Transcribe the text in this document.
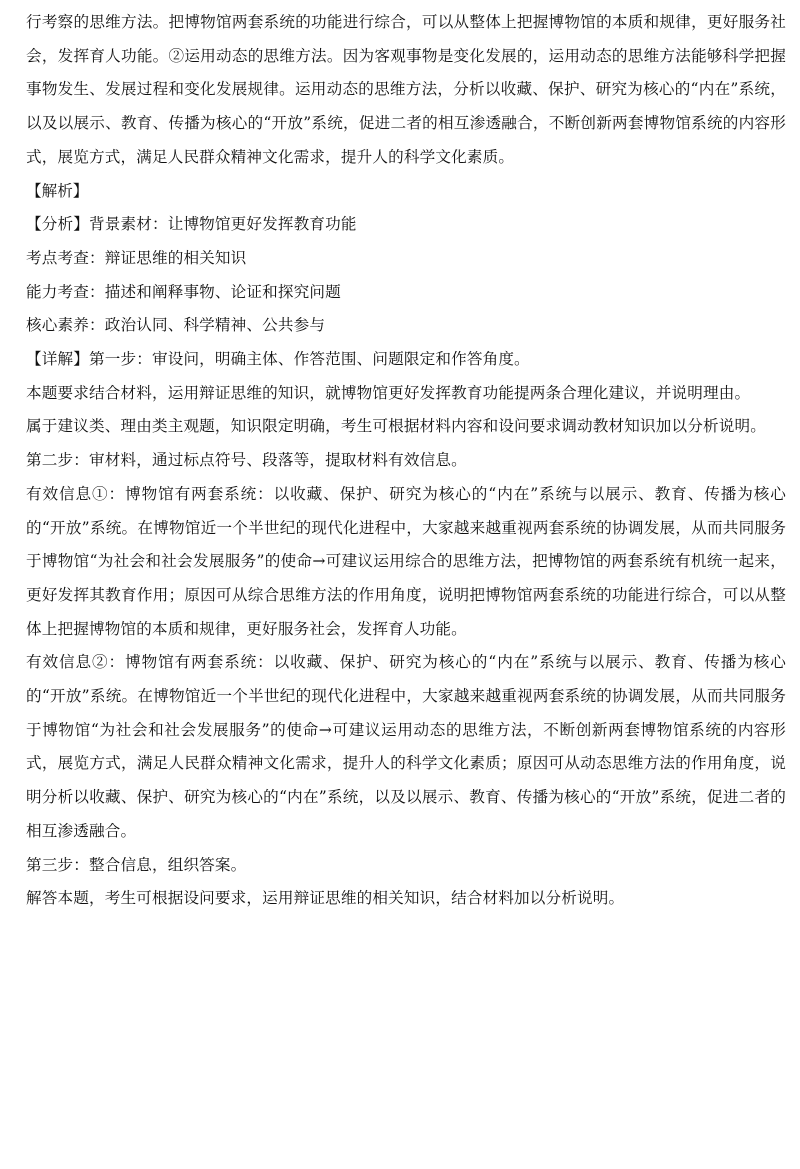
行考察的思维方法。把博物馆两套系统的功能进行综合，可以从整体上把握博物馆的本质和规律，更好服务社会，发挥育人功能。②运用动态的思维方法。因为客观事物是变化发展的，运用动态的思维方法能够科学把握事物发生、发展过程和变化发展规律。运用动态的思维方法，分析以收藏、保护、研究为核心的“内在”系统，以及以展示、教育、传播为核心的“开放”系统，促进二者的相互渗透融合，不断创新两套博物馆系统的内容形式，展览方式，满足人民群众精神文化需求，提升人的科学文化素质。

【解析】

【分析】背景素材：让博物馆更好发挥教育功能

考点考查：辩证思维的相关知识

能力考查：描述和阐释事物、论证和探究问题

核心素养：政治认同、科学精神、公共参与

【详解】第一步：审设问，明确主体、作答范围、问题限定和作答角度。

本题要求结合材料，运用辩证思维的知识，就博物馆更好发挥教育功能提两条合理化建议，并说明理由。

属于建议类、理由类主观题，知识限定明确，考生可根据材料内容和设问要求调动教材知识加以分析说明。

第二步：审材料，通过标点符号、段落等，提取材料有效信息。

有效信息①：博物馆有两套系统：以收藏、保护、研究为核心的“内在”系统与以展示、教育、传播为核心的“开放”系统。在博物馆近一个半世纪的现代化进程中，大家越来越重视两套系统的协调发展，从而共同服务于博物馆“为社会和社会发展服务”的使命→可建议运用综合的思维方法，把博物馆的两套系统有机统一起来，更好发挥其教育作用；原因可从综合思维方法的作用角度，说明把博物馆两套系统的功能进行综合，可以从整体上把握博物馆的本质和规律，更好服务社会，发挥育人功能。

有效信息②：博物馆有两套系统：以收藏、保护、研究为核心的“内在”系统与以展示、教育、传播为核心的“开放”系统。在博物馆近一个半世纪的现代化进程中，大家越来越重视两套系统的协调发展，从而共同服务于博物馆“为社会和社会发展服务”的使命→可建议运用动态的思维方法，不断创新两套博物馆系统的内容形式，展览方式，满足人民群众精神文化需求，提升人的科学文化素质；原因可从动态思维方法的作用角度，说明分析以收藏、保护、研究为核心的“内在”系统，以及以展示、教育、传播为核心的“开放”系统，促进二者的相互渗透融合。

第三步：整合信息，组织答案。

解答本题，考生可根据设问要求，运用辩证思维的相关知识，结合材料加以分析说明。
